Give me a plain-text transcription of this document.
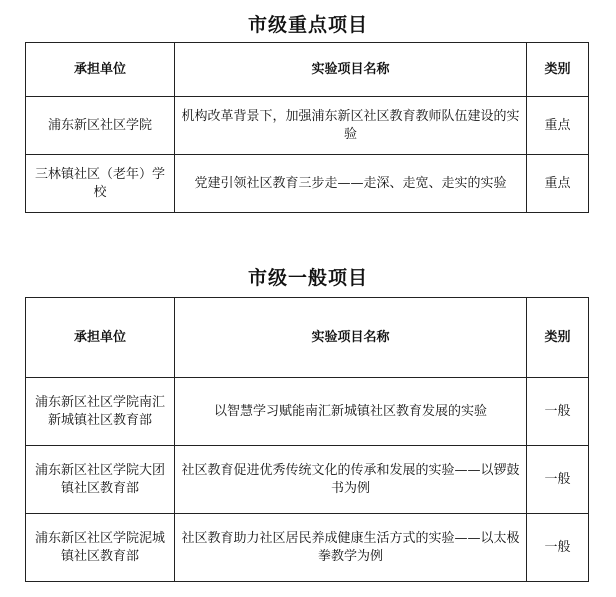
市级重点项目
承担单位	实验项目名称	类别
浦东新区社区学院	机构改革背景下，加强浦东新区社区教育教师队伍建设的实验	重点
三林镇社区（老年）学校	党建引领社区教育三步走——走深、走宽、走实的实验	重点
市级一般项目
承担单位	实验项目名称	类别
浦东新区社区学院南汇新城镇社区教育部	以智慧学习赋能南汇新城镇社区教育发展的实验	一般
浦东新区社区学院大团镇社区教育部	社区教育促进优秀传统文化的传承和发展的实验——以锣鼓书为例	一般
浦东新区社区学院泥城镇社区教育部	社区教育助力社区居民养成健康生活方式的实验——以太极拳教学为例	一般
